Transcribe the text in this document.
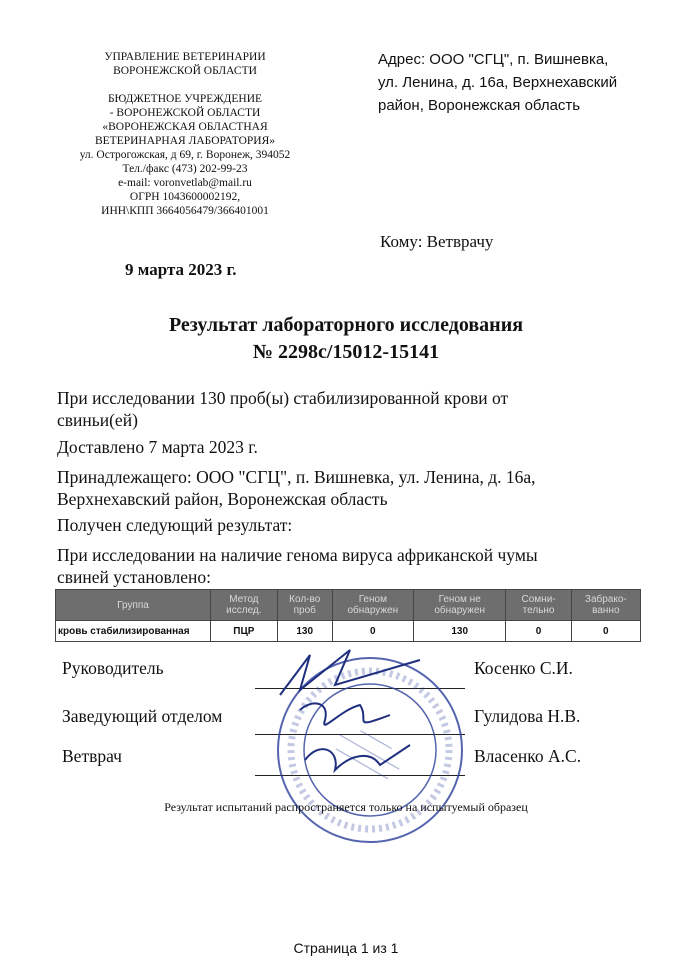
УПРАВЛЕНИЕ ВЕТЕРИНАРИИ
ВОРОНЕЖСКОЙ ОБЛАСТИ
БЮДЖЕТНОЕ УЧРЕЖДЕНИЕ
- ВОРОНЕЖСКОЙ ОБЛАСТИ
«ВОРОНЕЖСКАЯ ОБЛАСТНАЯ
ВЕТЕРИНАРНАЯ ЛАБОРАТОРИЯ»
ул. Острогожская, д 69, г. Воронеж, 394052
Тел./факс (473) 202-99-23
e-mail: voronvetlab@mail.ru
ОГРН 1043600002192,
ИНН\КПП 3664056479/366401001
Адрес: ООО "СГЦ", п. Вишневка,
ул. Ленина, д. 16а, Верхнехавский
район, Воронежская область
Кому: Ветврачу
9 марта 2023 г.
Результат лабораторного исследования
№ 2298с/15012-15141
При исследовании 130 проб(ы) стабилизированной крови от
свиньи(ей)
Доставлено 7 марта 2023 г.
Принадлежащего: ООО "СГЦ", п. Вишневка, ул. Ленина, д. 16а,
Верхнехавский район, Воронежская область
Получен следующий результат:
При исследовании на наличие генома вируса африканской чумы
свиней установлено:
Группа	Метод исслед.	Кол-во проб	Геном обнаружен	Геном не обнаружен	Сомни-тельно	Забрако-ванно
кровь стабилизированная	ПЦР	130	0	130	0	0
Руководитель	Косенко С.И.
Заведующий отделом	Гулидова Н.В.
Ветврач	Власенко А.С.
Результат испытаний распространяется только на испытуемый образец
Страница 1 из 1
